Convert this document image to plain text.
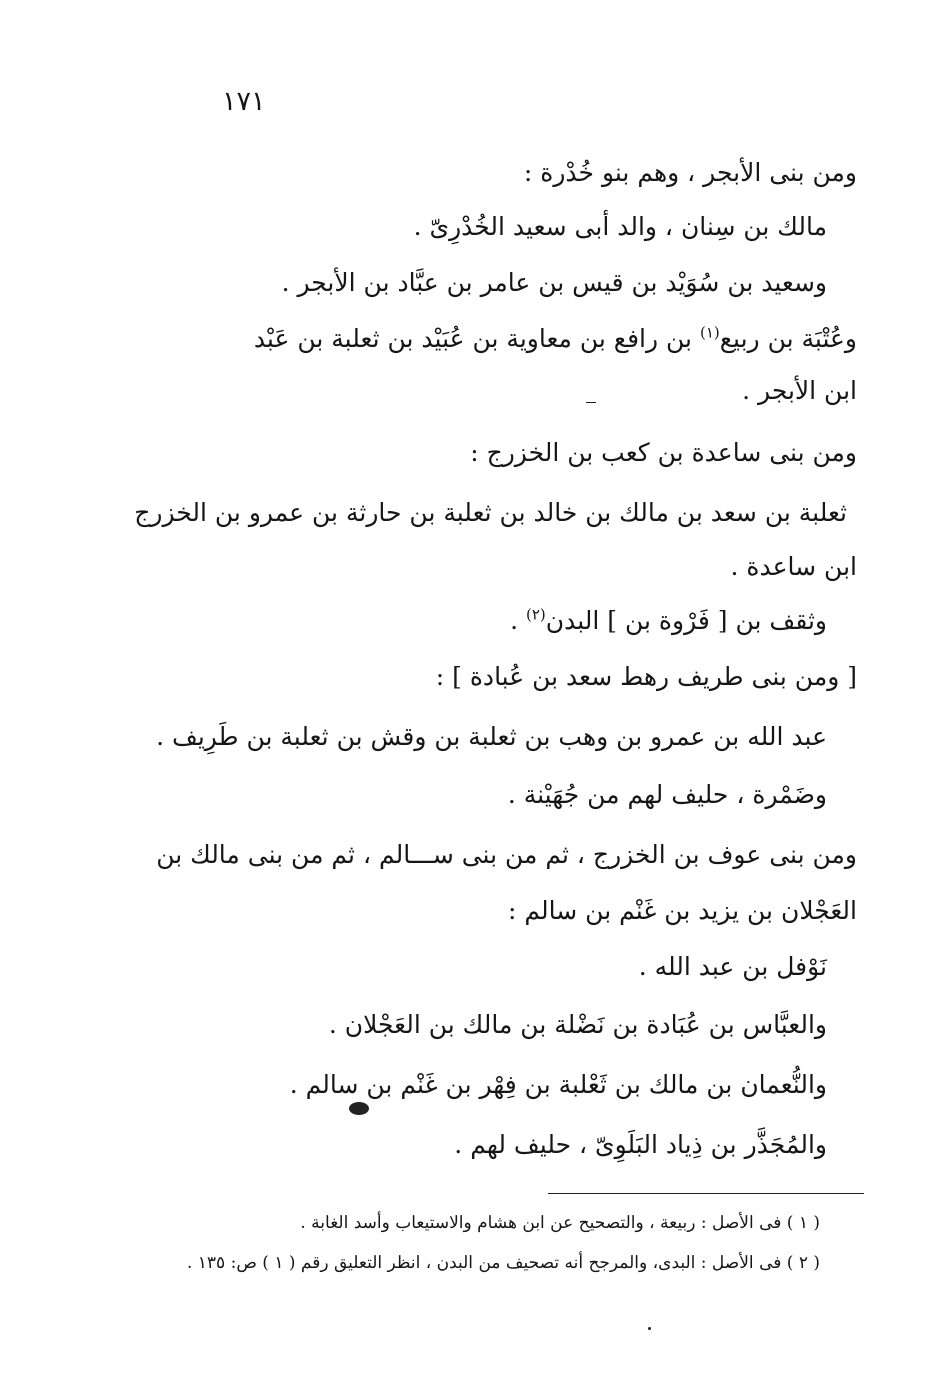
١٧١
ومن بنى الأبجر ، وهم بنو خُدْرة :
مالك بن سِنان ، والد أبى سعيد الخُدْرِىّ .
وسعيد بن سُوَيْد بن قيس بن عامر بن عبَّاد بن الأبجر .
وعُتْبَة بن ربيع$^{(١)}$ بن رافع بن معاوية بن عُبَيْد بن ثعلبة بن عَبْد
ابن الأبجر .
ومن بنى ساعدة بن كعب بن الخزرج :
ثعلبة بن سعد بن مالك بن خالد بن ثعلبة بن حارثة بن عمرو بن الخزرج
ابن ساعدة .
وثقف بن [ فَرْوة بن ] البدن$^{(٢)}$ .
[ ومن بنى طريف رهط سعد بن عُبادة ] :
عبد الله بن عمرو بن وهب بن ثعلبة بن وقش بن ثعلبة بن طَرِيف .
وضَمْرة ، حليف لهم من جُهَيْنة .
ومن بنى عوف بن الخزرج ، ثم من بنى ســـالم ، ثم من بنى مالك بن
العَجْلان بن يزيد بن غَنْم بن سالم :
نَوْفل بن عبد الله .
والعبَّاس بن عُبَادة بن نَضْلة بن مالك بن العَجْلان .
والنُّعمان بن مالك بن ثَعْلبة بن فِهْر بن غَنْم بن سالم .
والمُجَذَّر بن ذِياد البَلَوِىّ ، حليف لهم .
( ١ ) فى الأصل : ربيعة ، والتصحيح عن ابن هشام والاستيعاب وأسد الغابة .
( ٢ ) فى الأصل : البدى، والمرجح أنه تصحيف من البدن ، انظر التعليق رقم ( ١ ) ص: ١٣٥ .
